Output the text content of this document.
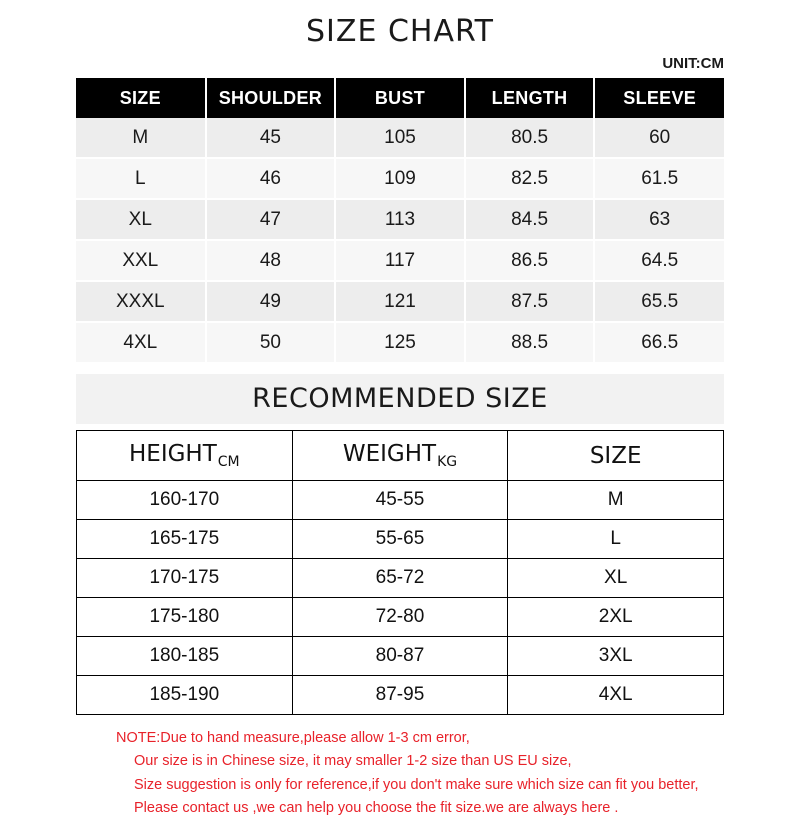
SIZE CHART
UNIT:CM
SIZE	SHOULDER	BUST	LENGTH	SLEEVE
M	45	105	80.5	60
L	46	109	82.5	61.5
XL	47	113	84.5	63
XXL	48	117	86.5	64.5
XXXL	49	121	87.5	65.5
4XL	50	125	88.5	66.5
RECOMMENDED SIZE
$HEIGHT_{CM}$	$WEIGHT_{KG}$	SIZE
160-170	45-55	M
165-175	55-65	L
170-175	65-72	XL
175-180	72-80	2XL
180-185	80-87	3XL
185-190	87-95	4XL
NOTE:Due to hand measure,please allow 1-3 cm error,
Our size is in Chinese size, it may smaller 1-2 size than US EU size,
Size suggestion is only for reference,if you don't make sure which size can fit you better,
Please contact us ,we can help you choose the fit size.we are always here .
